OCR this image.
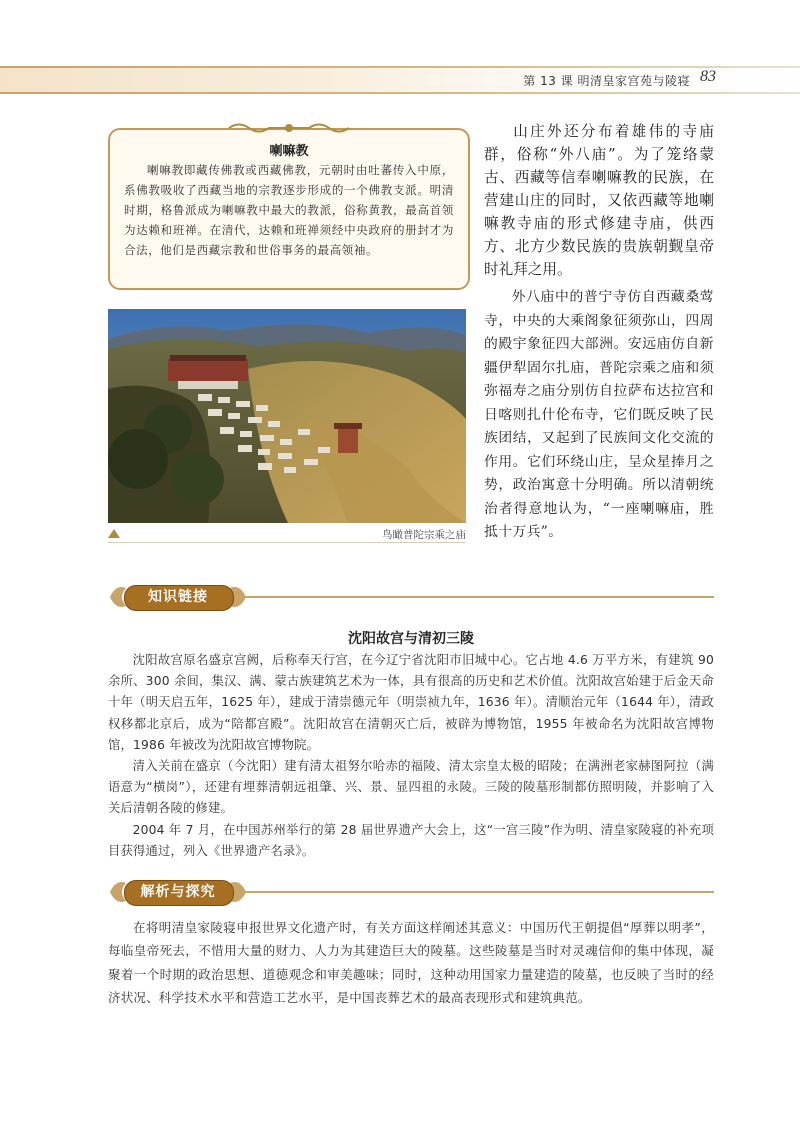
第 13 课 明清皇家宫苑与陵寝 83
喇嘛教
喇嘛教即藏传佛教或西藏佛教，元朝时由吐蕃传入中原，系佛教吸收了西藏当地的宗教逐步形成的一个佛教支派。明清时期，格鲁派成为喇嘛教中最大的教派，俗称黄教，最高首领为达赖和班禅。在清代，达赖和班禅须经中央政府的册封才为合法，他们是西藏宗教和世俗事务的最高领袖。

山庄外还分布着雄伟的寺庙群，俗称“外八庙”。为了笼络蒙古、西藏等信奉喇嘛教的民族，在营建山庄的同时，又依西藏等地喇嘛教寺庙的形式修建寺庙，供西方、北方少数民族的贵族朝觐皇帝时礼拜之用。

外八庙中的普宁寺仿自西藏桑莺寺，中央的大乘阁象征须弥山，四周的殿宇象征四大部洲。安远庙仿自新疆伊犁固尔扎庙，普陀宗乘之庙和须弥福寿之庙分别仿自拉萨布达拉宫和日喀则扎什伦布寺，它们既反映了民族团结，又起到了民族间文化交流的作用。它们环绕山庄，呈众星捧月之势，政治寓意十分明确。所以清朝统治者得意地认为，“一座喇嘛庙，胜抵十万兵”。

鸟瞰普陀宗乘之庙
知识链接
沈阳故宫与清初三陵

沈阳故宫原名盛京宫阙，后称奉天行宫，在今辽宁省沈阳市旧城中心。它占地 4.6 万平方米，有建筑 90 余所、300 余间，集汉、满、蒙古族建筑艺术为一体，具有很高的历史和艺术价值。沈阳故宫始建于后金天命十年（明天启五年，1625 年），建成于清崇德元年（明崇祯九年，1636 年）。清顺治元年（1644 年），清政权移都北京后，成为“陪都宫殿”。沈阳故宫在清朝灭亡后，被辟为博物馆，1955 年被命名为沈阳故宫博物馆，1986 年被改为沈阳故宫博物院。

清入关前在盛京（今沈阳）建有清太祖努尔哈赤的福陵、清太宗皇太极的昭陵；在满洲老家赫图阿拉（满语意为“横岗”），还建有埋葬清朝远祖肇、兴、景、显四祖的永陵。三陵的陵墓形制都仿照明陵，并影响了入关后清朝各陵的修建。

2004 年 7 月，在中国苏州举行的第 28 届世界遗产大会上，这“一宫三陵”作为明、清皇家陵寝的补充项目获得通过，列入《世界遗产名录》。

解析与探究

在将明清皇家陵寝申报世界文化遗产时，有关方面这样阐述其意义：中国历代王朝提倡“厚葬以明孝”，每临皇帝死去，不惜用大量的财力、人力为其建造巨大的陵墓。这些陵墓是当时对灵魂信仰的集中体现，凝聚着一个时期的政治思想、道德观念和审美趣味；同时，这种动用国家力量建造的陵墓，也反映了当时的经济状况、科学技术水平和营造工艺水平，是中国丧葬艺术的最高表现形式和建筑典范。
